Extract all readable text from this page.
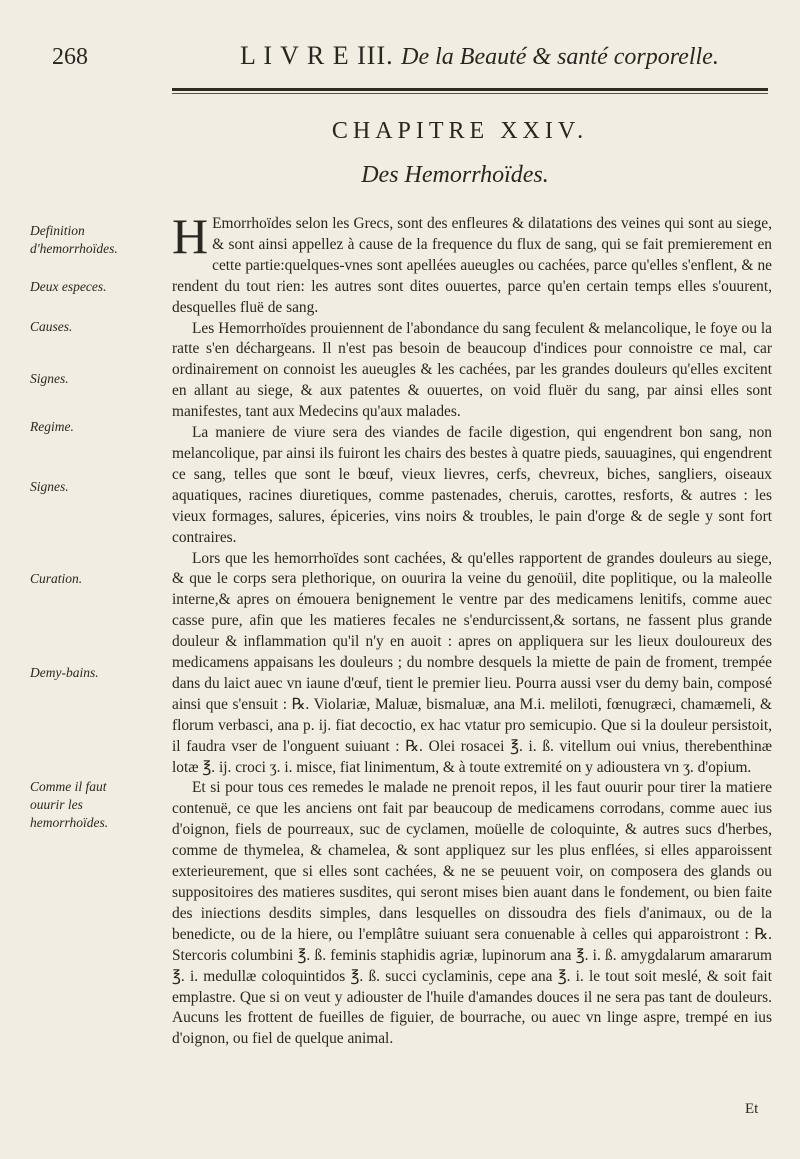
268	L I V R E III. De la Beauté & santé corporelle.
CHAPITRE XXIV.
Des Hemorrhoïdes.
Definition d'hemorrhoïdes.
Deux especes.
Causes.
Signes.
Regime.
Signes.
Curation.
Demy-bains.
Comme il faut ouurir les hemorrhoïdes.

H Emorrhoïdes selon les Grecs, sont des enfleures & dilatations des veines qui sont au siege, & sont ainsi appellez à cause de la frequence du flux de sang, qui se fait premierement en cette partie:quelques-vnes sont apellées aueugles ou cachées, parce qu'elles s'enflent, & ne rendent du tout rien: les autres sont dites ouuertes, parce qu'en certain temps elles s'ouurent, desquelles fluë de sang.

Les Hemorrhoïdes prouiennent de l'abondance du sang feculent & melancolique, le foye ou la ratte s'en déchargeans. Il n'est pas besoin de beaucoup d'indices pour connoistre ce mal, car ordinairement on connoist les aueugles & les cachées, par les grandes douleurs qu'elles excitent en allant au siege, & aux patentes & ouuertes, on void fluër du sang, par ainsi elles sont manifestes, tant aux Medecins qu'aux malades.

La maniere de viure sera des viandes de facile digestion, qui engendrent bon sang, non melancolique, par ainsi ils fuiront les chairs des bestes à quatre pieds, sauuagines, qui engendrent ce sang, telles que sont le bœuf, vieux lievres, cerfs, chevreux, biches, sangliers, oiseaux aquatiques, racines diuretiques, comme pastenades, cheruis, carottes, resforts, & autres : les vieux formages, salures, épiceries, vins noirs & troubles, le pain d'orge & de segle y sont fort contraires.

Lors que les hemorrhoïdes sont cachées, & qu'elles rapportent de grandes douleurs au siege, & que le corps sera plethorique, on ouurira la veine du genoüil, dite poplitique, ou la maleolle interne,& apres on émouera benignement le ventre par des medicamens lenitifs, comme auec casse pure, afin que les matieres fecales ne s'endurcissent,& sortans, ne fassent plus grande douleur & inflammation qu'il n'y en auoit : apres on appliquera sur les lieux douloureux des medicamens appaisans les douleurs ; du nombre desquels la miette de pain de froment, trempée dans du laict auec vn iaune d'œuf, tient le premier lieu. Pourra aussi vser du demy bain, composé ainsi que s'ensuit : ℞. Violariæ, Maluæ, bismaluæ, ana M.i. meliloti, fœnugræci, chamæmeli, & florum verbasci, ana p. ij. fiat decoctio, ex hac vtatur pro semicupio. Que si la douleur persistoit, il faudra vser de l'onguent suiuant : ℞. Olei rosacei ℥. i. ß. vitellum oui vnius, therebenthinæ lotæ ℥. ij. croci ʒ. i. misce, fiat linimentum, & à toute extremité on y adioustera vn ʒ. d'opium.

Et si pour tous ces remedes le malade ne prenoit repos, il les faut ouurir pour tirer la matiere contenuë, ce que les anciens ont fait par beaucoup de medicamens corrodans, comme auec ius d'oignon, fiels de pourreaux, suc de cyclamen, moüelle de coloquinte, & autres sucs d'herbes, comme de thymelea, & chamelea, & sont appliquez sur les plus enflées, si elles apparoissent exterieurement, que si elles sont cachées, & ne se peuuent voir, on composera des glands ou suppositoires des matieres susdites, qui seront mises bien auant dans le fondement, ou bien faite des iniections desdits simples, dans lesquelles on dissoudra des fiels d'animaux, ou de la benedicte, ou de la hiere, ou l'emplâtre suiuant sera conuenable à celles qui apparoistront : ℞. Stercoris columbini ℥. ß. feminis staphidis agriæ, lupinorum ana ℥. i. ß. amygdalarum amararum ℥. i. medullæ coloquintidos ℥. ß. succi cyclaminis, cepe ana ℥. i. le tout soit meslé, & soit fait emplastre. Que si on veut y adiouster de l'huile d'amandes douces il ne sera pas tant de douleurs. Aucuns les frottent de fueilles de figuier, de bourrache, ou auec vn linge aspre, trempé en ius d'oignon, ou fiel de quelque animal.

Et
